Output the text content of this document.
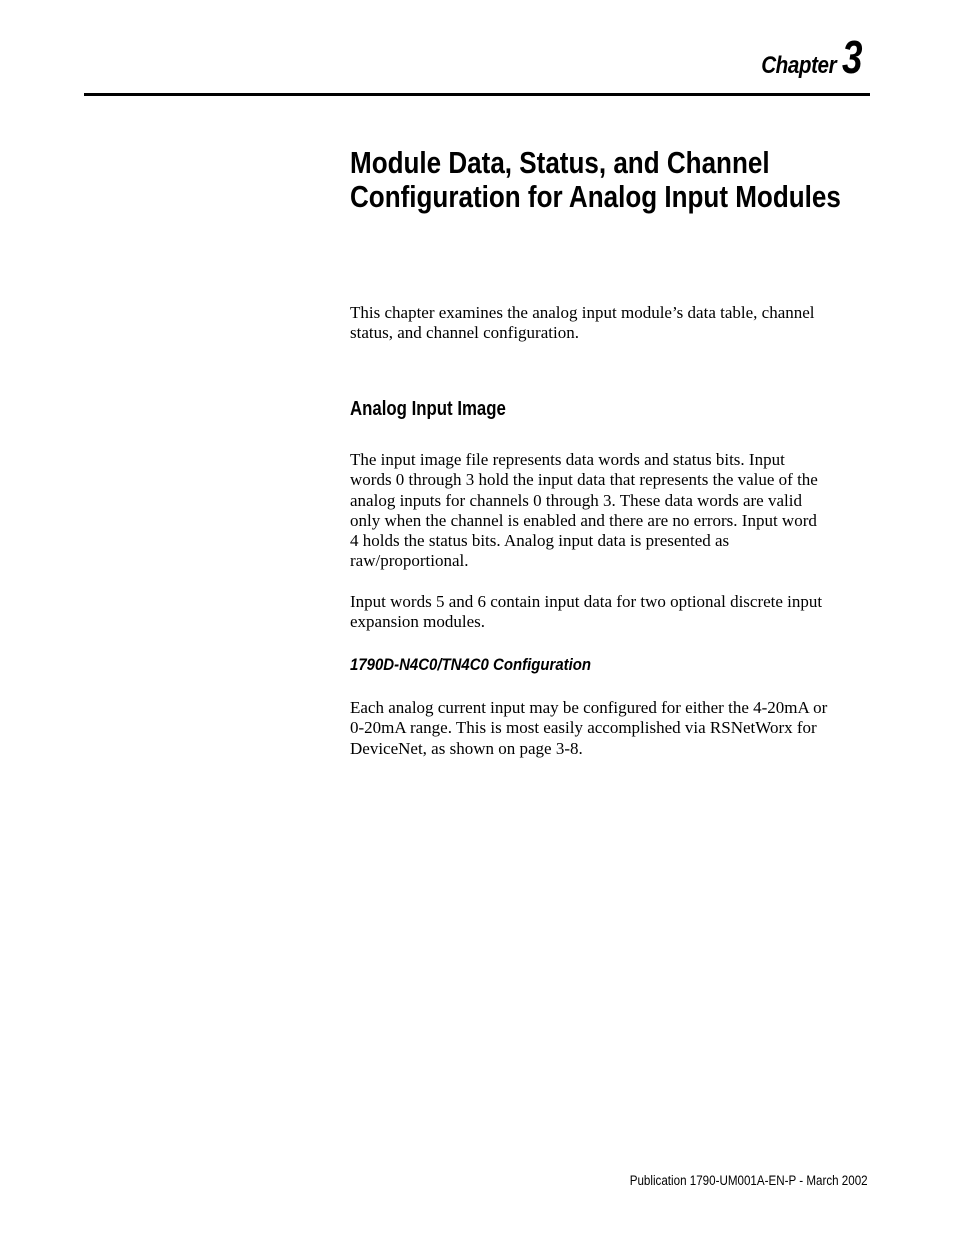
Chapter 3
Module Data, Status, and Channel
Configuration for Analog Input Modules

This chapter examines the analog input module’s data table, channel
status, and channel configuration.

Analog Input Image

The input image file represents data words and status bits. Input
words 0 through 3 hold the input data that represents the value of the
analog inputs for channels 0 through 3. These data words are valid
only when the channel is enabled and there are no errors. Input word
4 holds the status bits. Analog input data is presented as
raw/proportional.

Input words 5 and 6 contain input data for two optional discrete input
expansion modules.

1790D-N4C0/TN4C0 Configuration

Each analog current input may be configured for either the 4-20mA or
0-20mA range. This is most easily accomplished via RSNetWorx for
DeviceNet, as shown on page 3-8.

Publication 1790-UM001A-EN-P - March 2002
